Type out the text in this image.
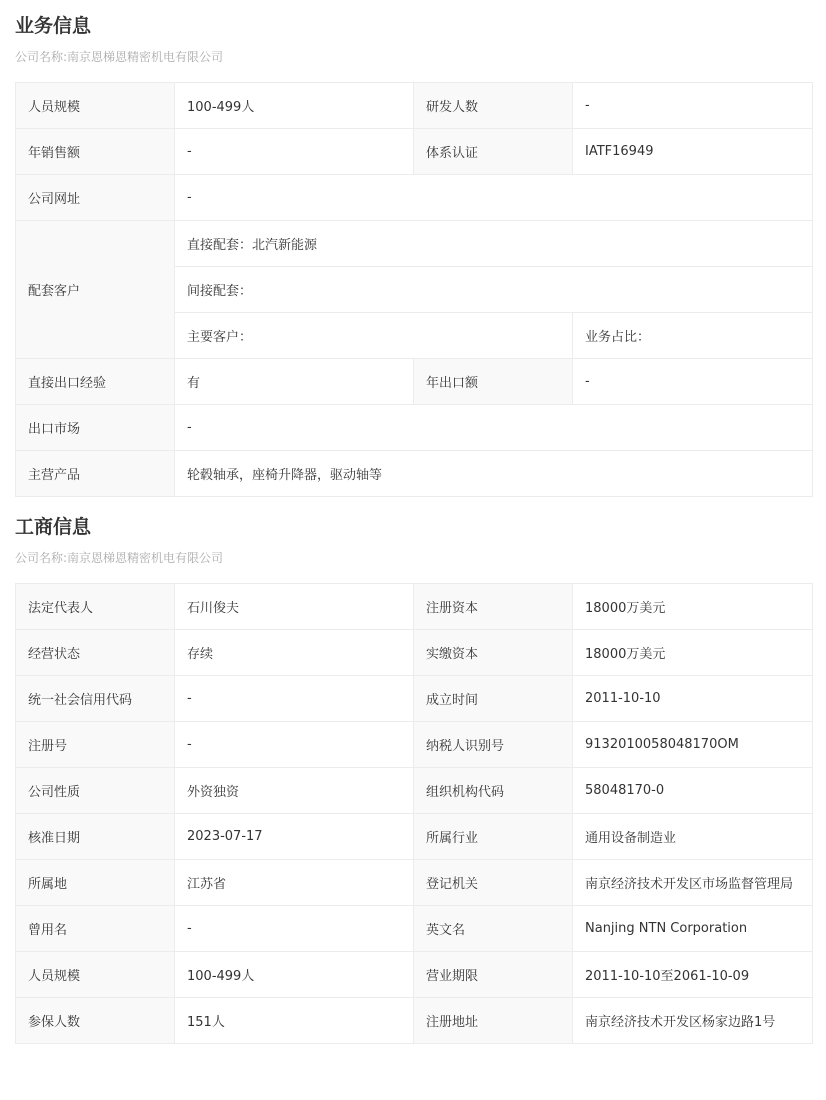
业务信息
公司名称:南京恩梯恩精密机电有限公司
人员规模	100-499人	研发人数	-
年销售额	-	体系认证	IATF16949
公司网址	-		
配套客户	直接配套：北汽新能源		
	间接配套：		
	主要客户：		业务占比：
直接出口经验	有	年出口额	-
出口市场	-		
主营产品	轮毂轴承，座椅升降器，驱动轴等		
工商信息
公司名称:南京恩梯恩精密机电有限公司
法定代表人	石川俊夫	注册资本	18000万美元
经营状态	存续	实缴资本	18000万美元
统一社会信用代码	-	成立时间	2011-10-10
注册号	-	纳税人识别号	9132010058048170OM
公司性质	外资独资	组织机构代码	58048170-0
核准日期	2023-07-17	所属行业	通用设备制造业
所属地	江苏省	登记机关	南京经济技术开发区市场监督管理局
曾用名	-	英文名	Nanjing NTN Corporation
人员规模	100-499人	营业期限	2011-10-10至2061-10-09
参保人数	151人	注册地址	南京经济技术开发区杨家边路1号
